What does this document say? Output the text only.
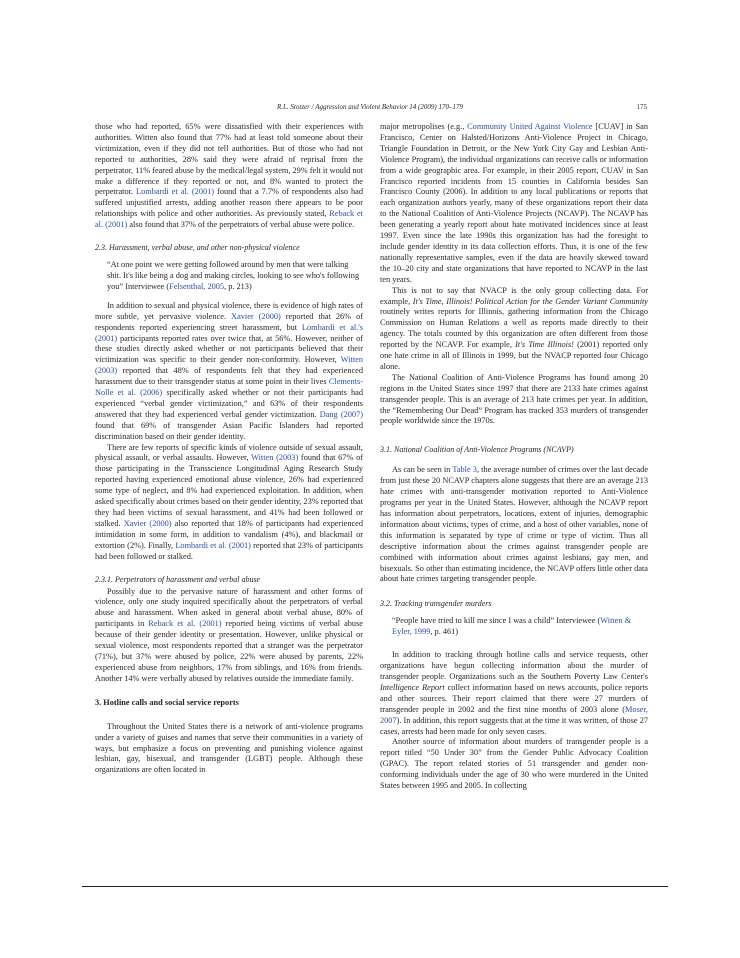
R.L. Stotzer / Aggression and Violent Behavior 14 (2009) 170–179	175

those who had reported, 65% were dissatisfied with their experiences with authorities. Witten also found that 77% had at least told someone about their victimization, even if they did not tell authorities. But of those who had not reported to authorities, 28% said they were afraid of reprisal from the perpetrator, 11% feared abuse by the medical/legal system, 29% felt it would not make a difference if they reported or not, and 8% wanted to protect the perpetrator. Lombardi et al. (2001) found that a 7.7% of respondents also had suffered unjustified arrests, adding another reason there appears to be poor relationships with police and other authorities. As previously stated, Reback et al. (2001) also found that 37% of the perpetrators of verbal abuse were police.

2.3. Harassment, verbal abuse, and other non-physical violence

“At one point we were getting followed around by men that were talking shit. It's like being a dog and making circles, looking to see who's following you” Interviewee (Felsenthal, 2005, p. 213)

In addition to sexual and physical violence, there is evidence of high rates of more subtle, yet pervasive violence. Xavier (2000) reported that 26% of respondents reported experiencing street harassment, but Lombardi et al.'s (2001) participants reported rates over twice that, at 56%. However, neither of these studies directly asked whether or not participants believed that their victimization was specific to their gender non-conformity. However, Witten (2003) reported that 48% of respondents felt that they had experienced harassment due to their transgender status at some point in their lives Clements-Nolle et al. (2006) specifically asked whether or not their participants had experienced “verbal gender victimization,” and 63% of their respondents answered that they had experienced verbal gender victimization. Dang (2007) found that 69% of transgender Asian Pacific Islanders had reported discrimination based on their gender identity.

There are few reports of specific kinds of violence outside of sexual assault, physical assault, or verbal assaults. However, Witten (2003) found that 67% of those participating in the Transscience Longitudinal Aging Research Study reported having experienced emotional abuse violence, 26% had experienced some type of neglect, and 8% had experienced exploitation. In addition, when asked specifically about crimes based on their gender identity, 23% reported that they had been victims of sexual harassment, and 41% had been followed or stalked. Xavier (2000) also reported that 18% of participants had experienced intimidation in some form, in addition to vandalism (4%), and blackmail or extortion (2%). Finally, Lombardi et al. (2001) reported that 23% of participants had been followed or stalked.

2.3.1. Perpetrators of harassment and verbal abuse

Possibly due to the pervasive nature of harassment and other forms of violence, only one study inquired specifically about the perpetrators of verbal abuse and harassment. When asked in general about verbal abuse, 80% of participants in Reback et al. (2001) reported being victims of verbal abuse because of their gender identity or presentation. However, unlike physical or sexual violence, most respondents reported that a stranger was the perpetrator (71%), but 37% were abused by police, 22% were abused by parents, 22% experienced abuse from neighbors, 17% from siblings, and 16% from friends. Another 14% were verbally abused by relatives outside the immediate family.

3. Hotline calls and social service reports

Throughout the United States there is a network of anti-violence programs under a variety of guises and names that serve their communities in a variety of ways, but emphasize a focus on preventing and punishing violence against lesbian, gay, bisexual, and transgender (LGBT) people. Although these organizations are often located in

major metropolises (e.g., Community United Against Violence [CUAV] in San Francisco, Center on Halsted/Horizons Anti-Violence Project in Chicago, Triangle Foundation in Detroit, or the New York City Gay and Lesbian Anti-Violence Program), the individual organizations can receive calls or information from a wide geographic area. For example, in their 2005 report, CUAV in San Francisco reported incidents from 15 counties in California besides San Francisco County (2006). In addition to any local publications or reports that each organization authors yearly, many of these organizations report their data to the National Coalition of Anti-Violence Projects (NCAVP). The NCAVP has been generating a yearly report about hate motivated incidences since at least 1997. Even since the late 1990s this organization has had the foresight to include gender identity in its data collection efforts. Thus, it is one of the few nationally representative samples, even if the data are heavily skewed toward the 10–20 city and state organizations that have reported to NCAVP in the last ten years.

This is not to say that NVACP is the only group collecting data. For example, It's Time, Illinois! Political Action for the Gender Variant Community routinely writes reports for Illinois, gathering information from the Chicago Commission on Human Relations a well as reports made directly to their agency. The totals counted by this organization are often different from those reported by the NCAVP. For example, It's Time Illinois! (2001) reported only one hate crime in all of Illinois in 1999, but the NVACP reported four Chicago alone.

The National Coalition of Anti-Violence Programs has found among 20 regions in the United States since 1997 that there are 2133 hate crimes against transgender people. This is an average of 213 hate crimes per year. In addition, the “Remembering Our Dead” Program has tracked 353 murders of transgender people worldwide since the 1970s.

3.1. National Coalition of Anti-Violence Programs (NCAVP)

As can be seen in Table 3, the average number of crimes over the last decade from just these 20 NCAVP chapters alone suggests that there are an average 213 hate crimes with anti-transgender motivation reported to Anti-Violence programs per year in the United States. However, although the NCAVP report has information about perpetrators, locations, extent of injuries, demographic information about victims, types of crime, and a host of other variables, none of this information is separated by type of crime or type of victim. Thus all descriptive information about the crimes against transgender people are combined with information about crimes against lesbians, gay men, and bisexuals. So other than estimating incidence, the NCAVP offers little other data about hate crimes targeting transgender people.

3.2. Tracking transgender murders

“People have tried to kill me since I was a child” Interviewee (Witten & Eyler, 1999, p. 461)

In addition to tracking through hotline calls and service requests, other organizations have begun collecting information about the murder of transgender people. Organizations such as the Southern Poverty Law Center's Intelligence Report collect information based on news accounts, police reports and other sources. Their report claimed that there were 27 murders of transgender people in 2002 and the first nine months of 2003 alone (Moser, 2007). In addition, this report suggests that at the time it was written, of those 27 cases, arrests had been made for only seven cases.

Another source of information about murders of transgender people is a report titled “50 Under 30” from the Gender Public Advocacy Coalition (GPAC). The report related stories of 51 transgender and gender non-conforming individuals under the age of 30 who were murdered in the United States between 1995 and 2005. In collecting
